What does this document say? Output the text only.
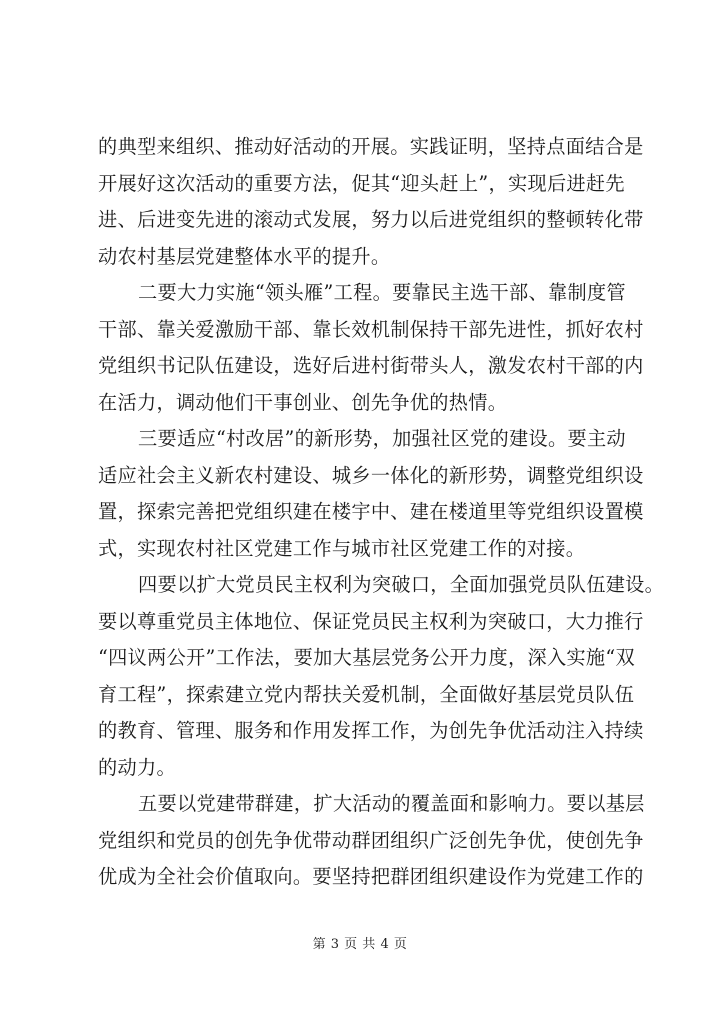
的典型来组织、推动好活动的开展。实践证明，坚持点面结合是
开展好这次活动的重要方法，促其“迎头赶上”，实现后进赶先
进、后进变先进的滚动式发展，努力以后进党组织的整顿转化带
动农村基层党建整体水平的提升。
二要大力实施“领头雁”工程。要靠民主选干部、靠制度管
干部、靠关爱激励干部、靠长效机制保持干部先进性，抓好农村
党组织书记队伍建设，选好后进村街带头人，激发农村干部的内
在活力，调动他们干事创业、创先争优的热情。
三要适应“村改居”的新形势，加强社区党的建设。要主动
适应社会主义新农村建设、城乡一体化的新形势，调整党组织设
置，探索完善把党组织建在楼宇中、建在楼道里等党组织设置模
式，实现农村社区党建工作与城市社区党建工作的对接。
四要以扩大党员民主权利为突破口，全面加强党员队伍建设。
要以尊重党员主体地位、保证党员民主权利为突破口，大力推行
“四议两公开”工作法，要加大基层党务公开力度，深入实施“双
育工程”，探索建立党内帮扶关爱机制，全面做好基层党员队伍
的教育、管理、服务和作用发挥工作，为创先争优活动注入持续
的动力。
五要以党建带群建，扩大活动的覆盖面和影响力。要以基层
党组织和党员的创先争优带动群团组织广泛创先争优，使创先争
优成为全社会价值取向。要坚持把群团组织建设作为党建工作的
第 3 页 共 4 页
